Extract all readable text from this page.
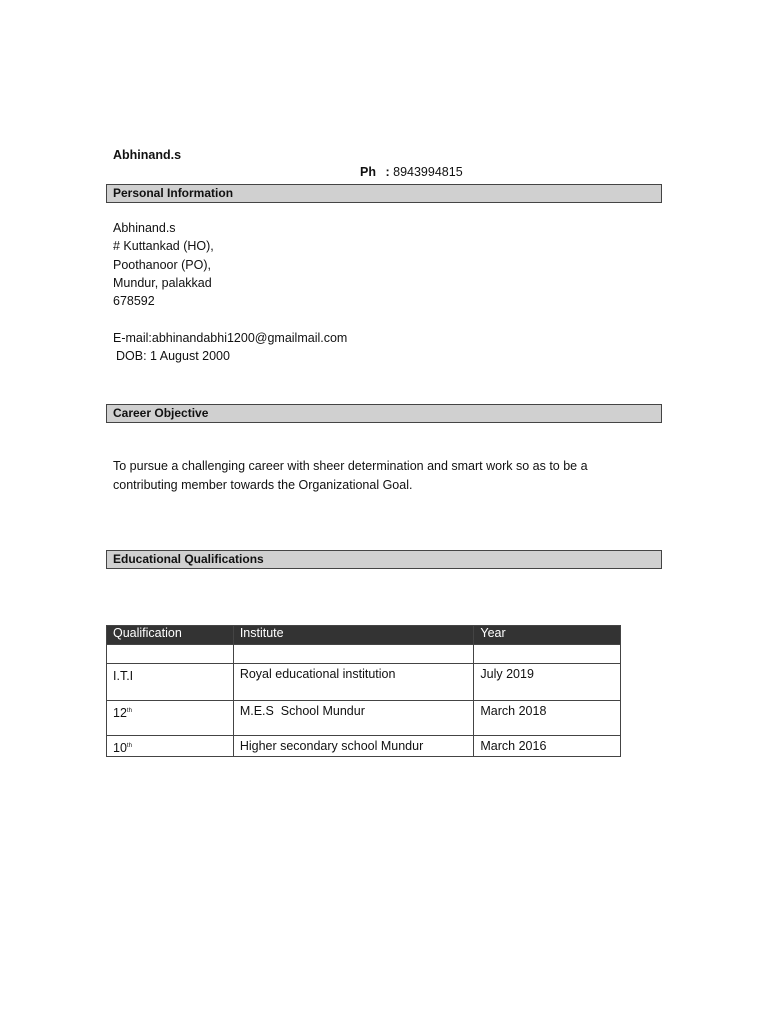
Abhinand.s
Ph : 8943994815
Personal Information
Abhinand.s
# Kuttankad (HO),
Poothanoor (PO),
Mundur, palakkad
678592
E-mail:abhinandabhi1200@gmailmail.com
DOB: 1 August 2000
Career Objective
To pursue a challenging career with sheer determination and smart work so as to be a contributing member towards the Organizational Goal.
Educational Qualifications
Qualification	Institute	Year

I.T.I	Royal educational institution	July 2019
12th	M.E.S  School Mundur	March 2018
10th	Higher secondary school Mundur	March 2016
